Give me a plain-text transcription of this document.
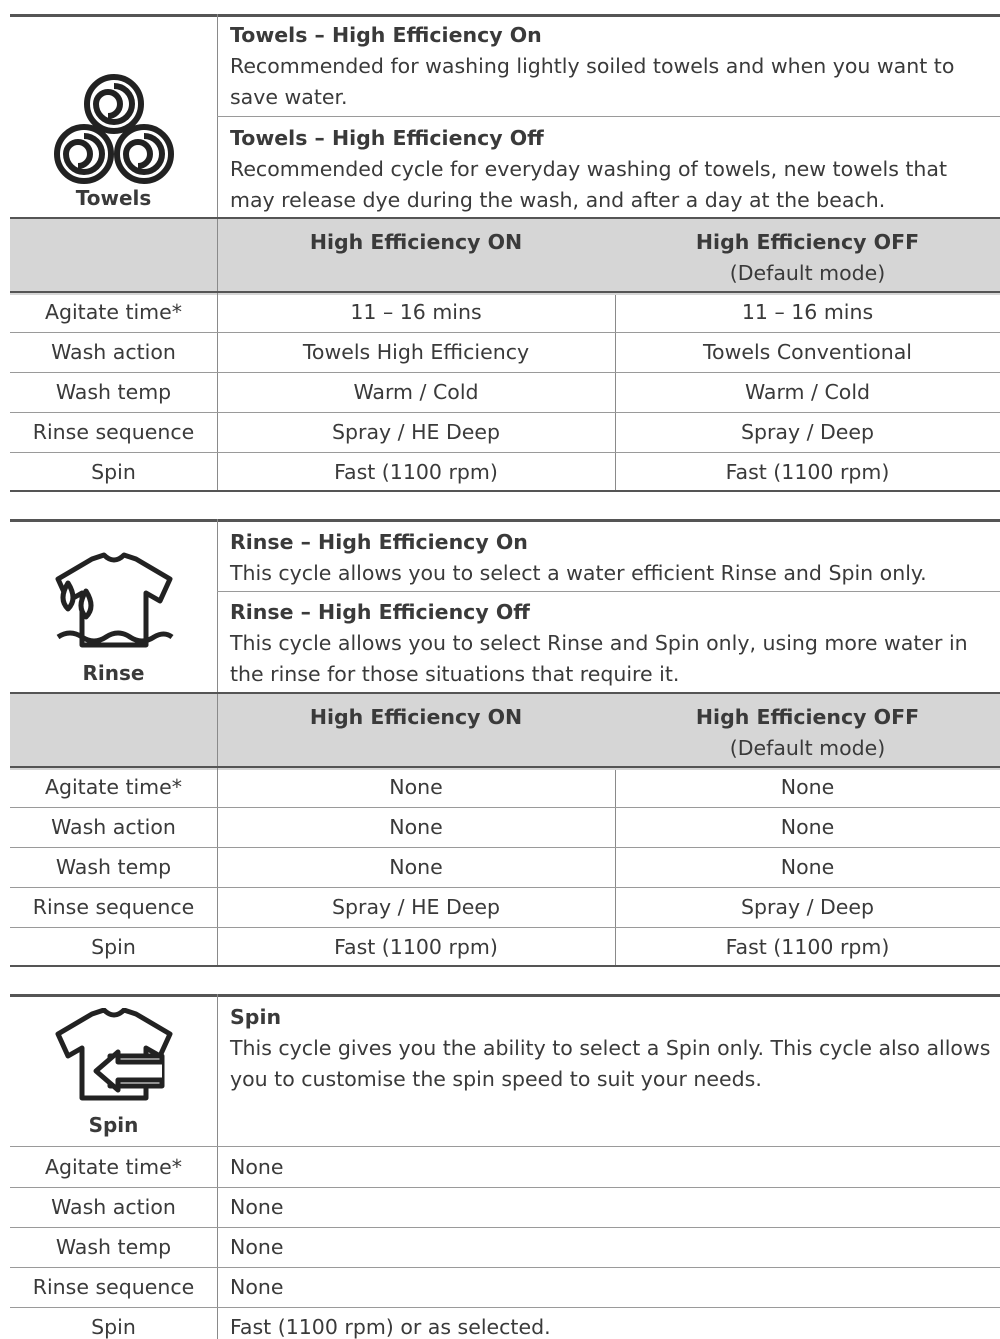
Towels
Towels – High Efficiency On
Recommended for washing lightly soiled towels and when you want to save water.
Towels – High Efficiency Off
Recommended cycle for everyday washing of towels, new towels that may release dye during the wash, and after a day at the beach.
High Efficiency ON	High Efficiency OFF
(Default mode)
Agitate time*	11 – 16 mins	11 – 16 mins
Wash action	Towels High Efficiency	Towels Conventional
Wash temp	Warm / Cold	Warm / Cold
Rinse sequence	Spray / HE Deep	Spray / Deep
Spin	Fast (1100 rpm)	Fast (1100 rpm)
Rinse
Rinse – High Efficiency On
This cycle allows you to select a water efficient Rinse and Spin only.
Rinse – High Efficiency Off
This cycle allows you to select Rinse and Spin only, using more water in the rinse for those situations that require it.
High Efficiency ON	High Efficiency OFF
(Default mode)
Agitate time*	None	None
Wash action	None	None
Wash temp	None	None
Rinse sequence	Spray / HE Deep	Spray / Deep
Spin	Fast (1100 rpm)	Fast (1100 rpm)
Spin
Spin
This cycle gives you the ability to select a Spin only. This cycle also allows you to customise the spin speed to suit your needs.
Agitate time*	None
Wash action	None
Wash temp	None
Rinse sequence	None
Spin	Fast (1100 rpm) or as selected.
